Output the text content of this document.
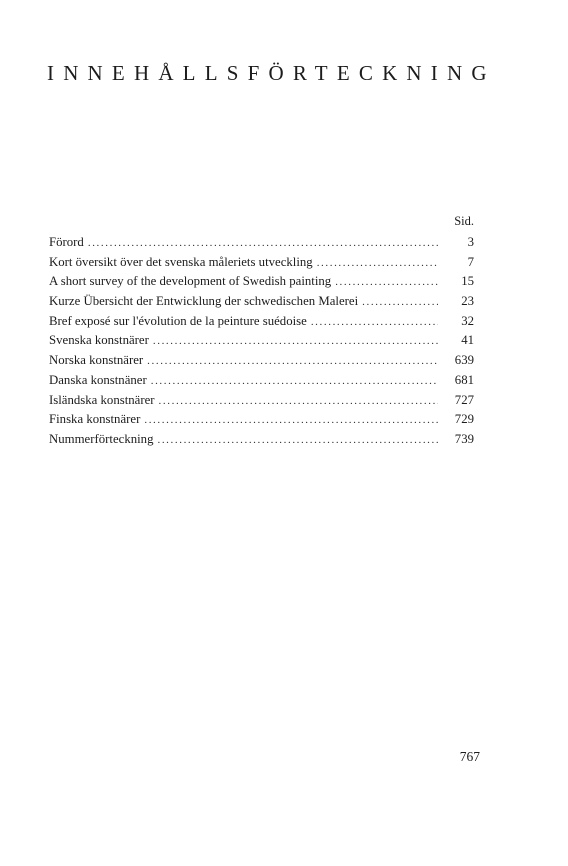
INNEHÅLLSFÖRTECKNING
Sid.
Förord .....	3
Kort översikt över det svenska måleriets utveckling .....	7
A short survey of the development of Swedish painting .....	15
Kurze Übersicht der Entwicklung der schwedischen Malerei .....	23
Bref exposé sur l'évolution de la peinture suédoise .....	32
Svenska konstnärer .....	41
Norska konstnärer .....	639
Danska konstnäner .....	681
Isländska konstnärer .....	727
Finska konstnärer .....	729
Nummerförteckning .....	739
767
